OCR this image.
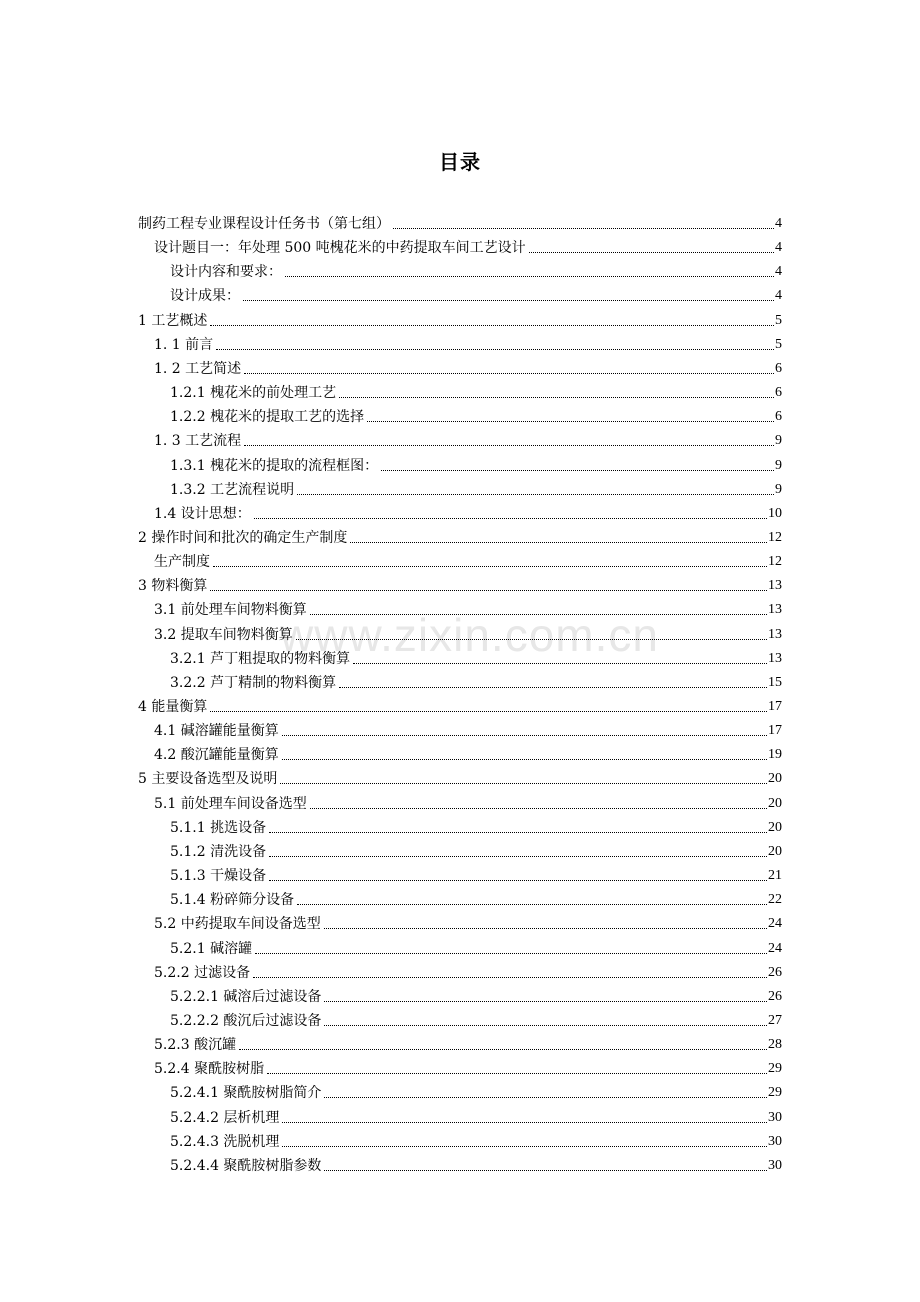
www.zixin.com.cn
目录
制药工程专业课程设计任务书（第七组）	4
设计题目一：年处理 500 吨槐花米的中药提取车间工艺设计	4
设计内容和要求：	4
设计成果：	4
1 工艺概述	5
1. 1 前言	5
1. 2 工艺简述	6
1.2.1 槐花米的前处理工艺	6
1.2.2 槐花米的提取工艺的选择	6
1. 3 工艺流程	9
1.3.1 槐花米的提取的流程框图：	9
1.3.2 工艺流程说明	9
1.4 设计思想：	10
2 操作时间和批次的确定生产制度	12
生产制度	12
3 物料衡算	13
3.1 前处理车间物料衡算	13
3.2 提取车间物料衡算	13
3.2.1 芦丁粗提取的物料衡算	13
3.2.2 芦丁精制的物料衡算	15
4 能量衡算	17
4.1 碱溶罐能量衡算	17
4.2 酸沉罐能量衡算	19
5 主要设备选型及说明	20
5.1 前处理车间设备选型	20
5.1.1 挑选设备	20
5.1.2 清洗设备	20
5.1.3 干燥设备	21
5.1.4 粉碎筛分设备	22
5.2 中药提取车间设备选型	24
5.2.1 碱溶罐	24
5.2.2 过滤设备	26
5.2.2.1 碱溶后过滤设备	26
5.2.2.2 酸沉后过滤设备	27
5.2.3 酸沉罐	28
5.2.4 聚酰胺树脂	29
5.2.4.1 聚酰胺树脂简介	29
5.2.4.2 层析机理	30
5.2.4.3 洗脱机理	30
5.2.4.4 聚酰胺树脂参数	30
